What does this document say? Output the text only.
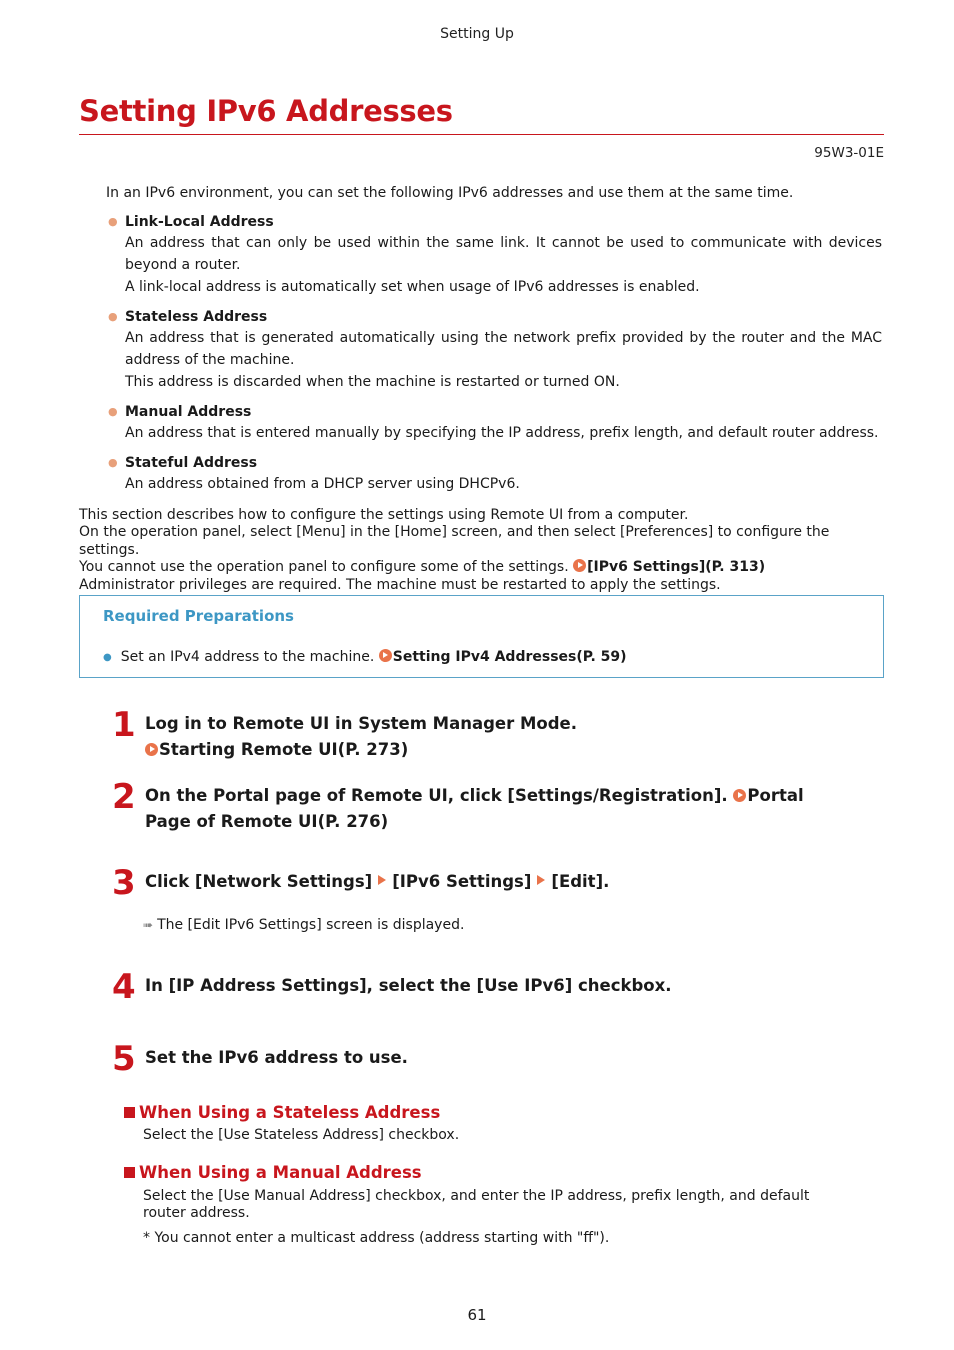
Setting Up
Setting IPv6 Addresses
95W3-01E

In an IPv6 environment, you can set the following IPv6 addresses and use them at the same time.

● Link-Local Address
An address that can only be used within the same link. It cannot be used to communicate with devices beyond a router.
A link-local address is automatically set when usage of IPv6 addresses is enabled.
● Stateless Address
An address that is generated automatically using the network prefix provided by the router and the MAC address of the machine.
This address is discarded when the machine is restarted or turned ON.
● Manual Address
An address that is entered manually by specifying the IP address, prefix length, and default router address.
● Stateful Address
An address obtained from a DHCP server using DHCPv6.
This section describes how to configure the settings using Remote UI from a computer.
On the operation panel, select [Menu] in the [Home] screen, and then select [Preferences] to configure the settings.
You cannot use the operation panel to configure some of the settings. [IPv6 Settings](P. 313)
Administrator privileges are required. The machine must be restarted to apply the settings.
Required Preparations
● Set an IPv4 address to the machine. Setting IPv4 Addresses(P. 59)
1 Log in to Remote UI in System Manager Mode. Starting Remote UI(P. 273)
2 On the Portal page of Remote UI, click [Settings/Registration]. Portal Page of Remote UI(P. 276)
3 Click [Network Settings] [IPv6 Settings] [Edit].
➠ The [Edit IPv6 Settings] screen is displayed.
4 In [IP Address Settings], select the [Use IPv6] checkbox.
5 Set the IPv6 address to use.
When Using a Stateless Address
Select the [Use Stateless Address] checkbox.
When Using a Manual Address
Select the [Use Manual Address] checkbox, and enter the IP address, prefix length, and default router address.
* You cannot enter a multicast address (address starting with "ff").
61
